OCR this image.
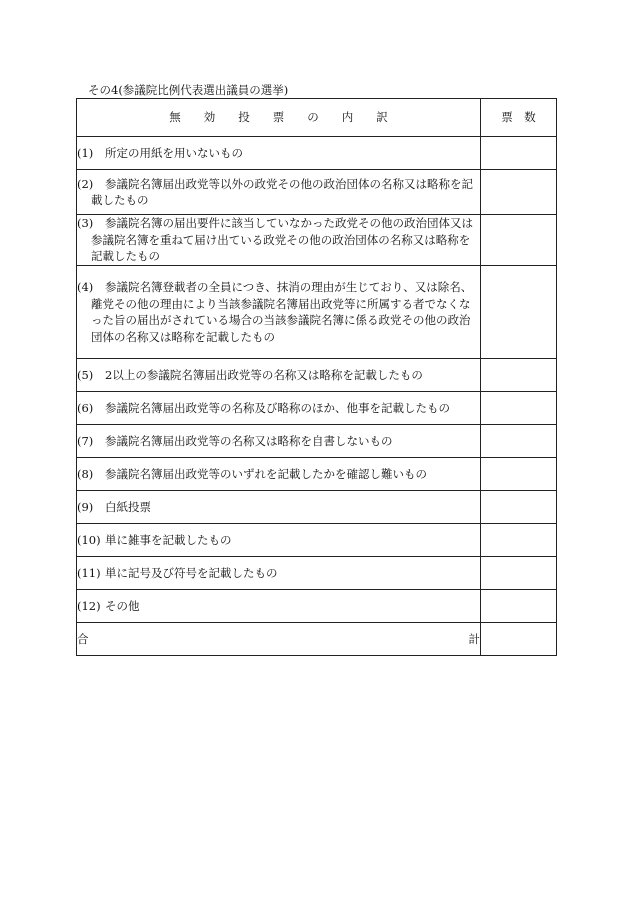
その4(参議院比例代表選出議員の選挙)
無　　効　　投　　票　　の　　内　　訳	票　数

(1) 所定の用紙を用いないもの	

(2) 参議院名簿届出政党等以外の政党その他の政治団体の名称又は略称を記載したもの	

(3) 参議院名簿の届出要件に該当していなかった政党その他の政治団体又は参議院名簿を重ねて届け出ている政党その他の政治団体の名称又は略称を記載したもの	

(4) 参議院名簿登載者の全員につき、抹消の理由が生じており、又は除名、離党その他の理由により当該参議院名簿届出政党等に所属する者でなくなった旨の届出がされている場合の当該参議院名簿に係る政党その他の政治団体の名称又は略称を記載したもの	

(5) 2以上の参議院名簿届出政党等の名称又は略称を記載したもの	

(6) 参議院名簿届出政党等の名称及び略称のほか、他事を記載したもの	

(7) 参議院名簿届出政党等の名称又は略称を自書しないもの	

(8) 参議院名簿届出政党等のいずれを記載したかを確認し難いもの	

(9) 白紙投票	

(10) 単に雑事を記載したもの	

(11) 単に記号及び符号を記載したもの	

(12) その他	

合 計	
